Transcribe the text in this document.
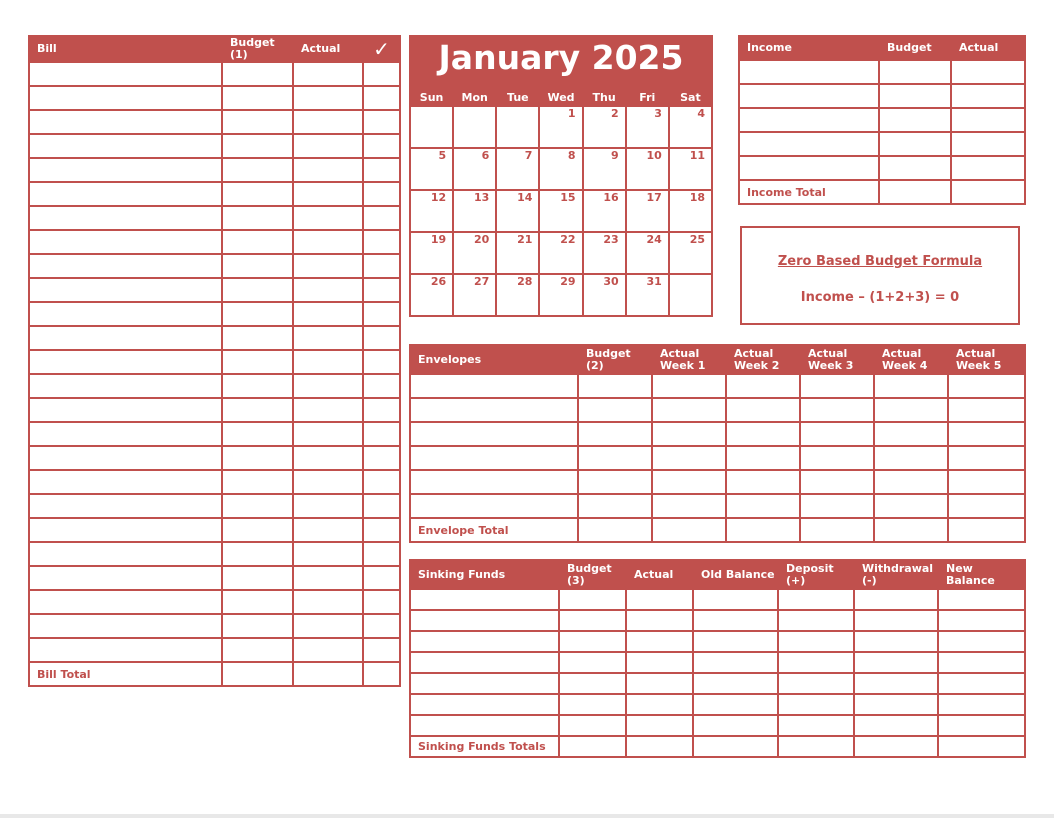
Bill	Budget (1)	Actual	✓

Bill Total			
January 2025
Sun	Mon	Tue	Wed	Thu	Fri	Sat
			1	2	3	4
5	6	7	8	9	10	11
12	13	14	15	16	17	18
19	20	21	22	23	24	25
26	27	28	29	30	31	
Income	Budget	Actual

Income Total		
Zero Based Budget Formula
Income – (1+2+3) = 0
Envelopes	Budget (2)	Actual Week 1	Actual Week 2	Actual Week 3	Actual Week 4	Actual Week 5

Envelope Total						
Sinking Funds	Budget (3)	Actual	Old Balance	Deposit (+)	Withdrawal (-)	New Balance

Sinking Funds Totals						
